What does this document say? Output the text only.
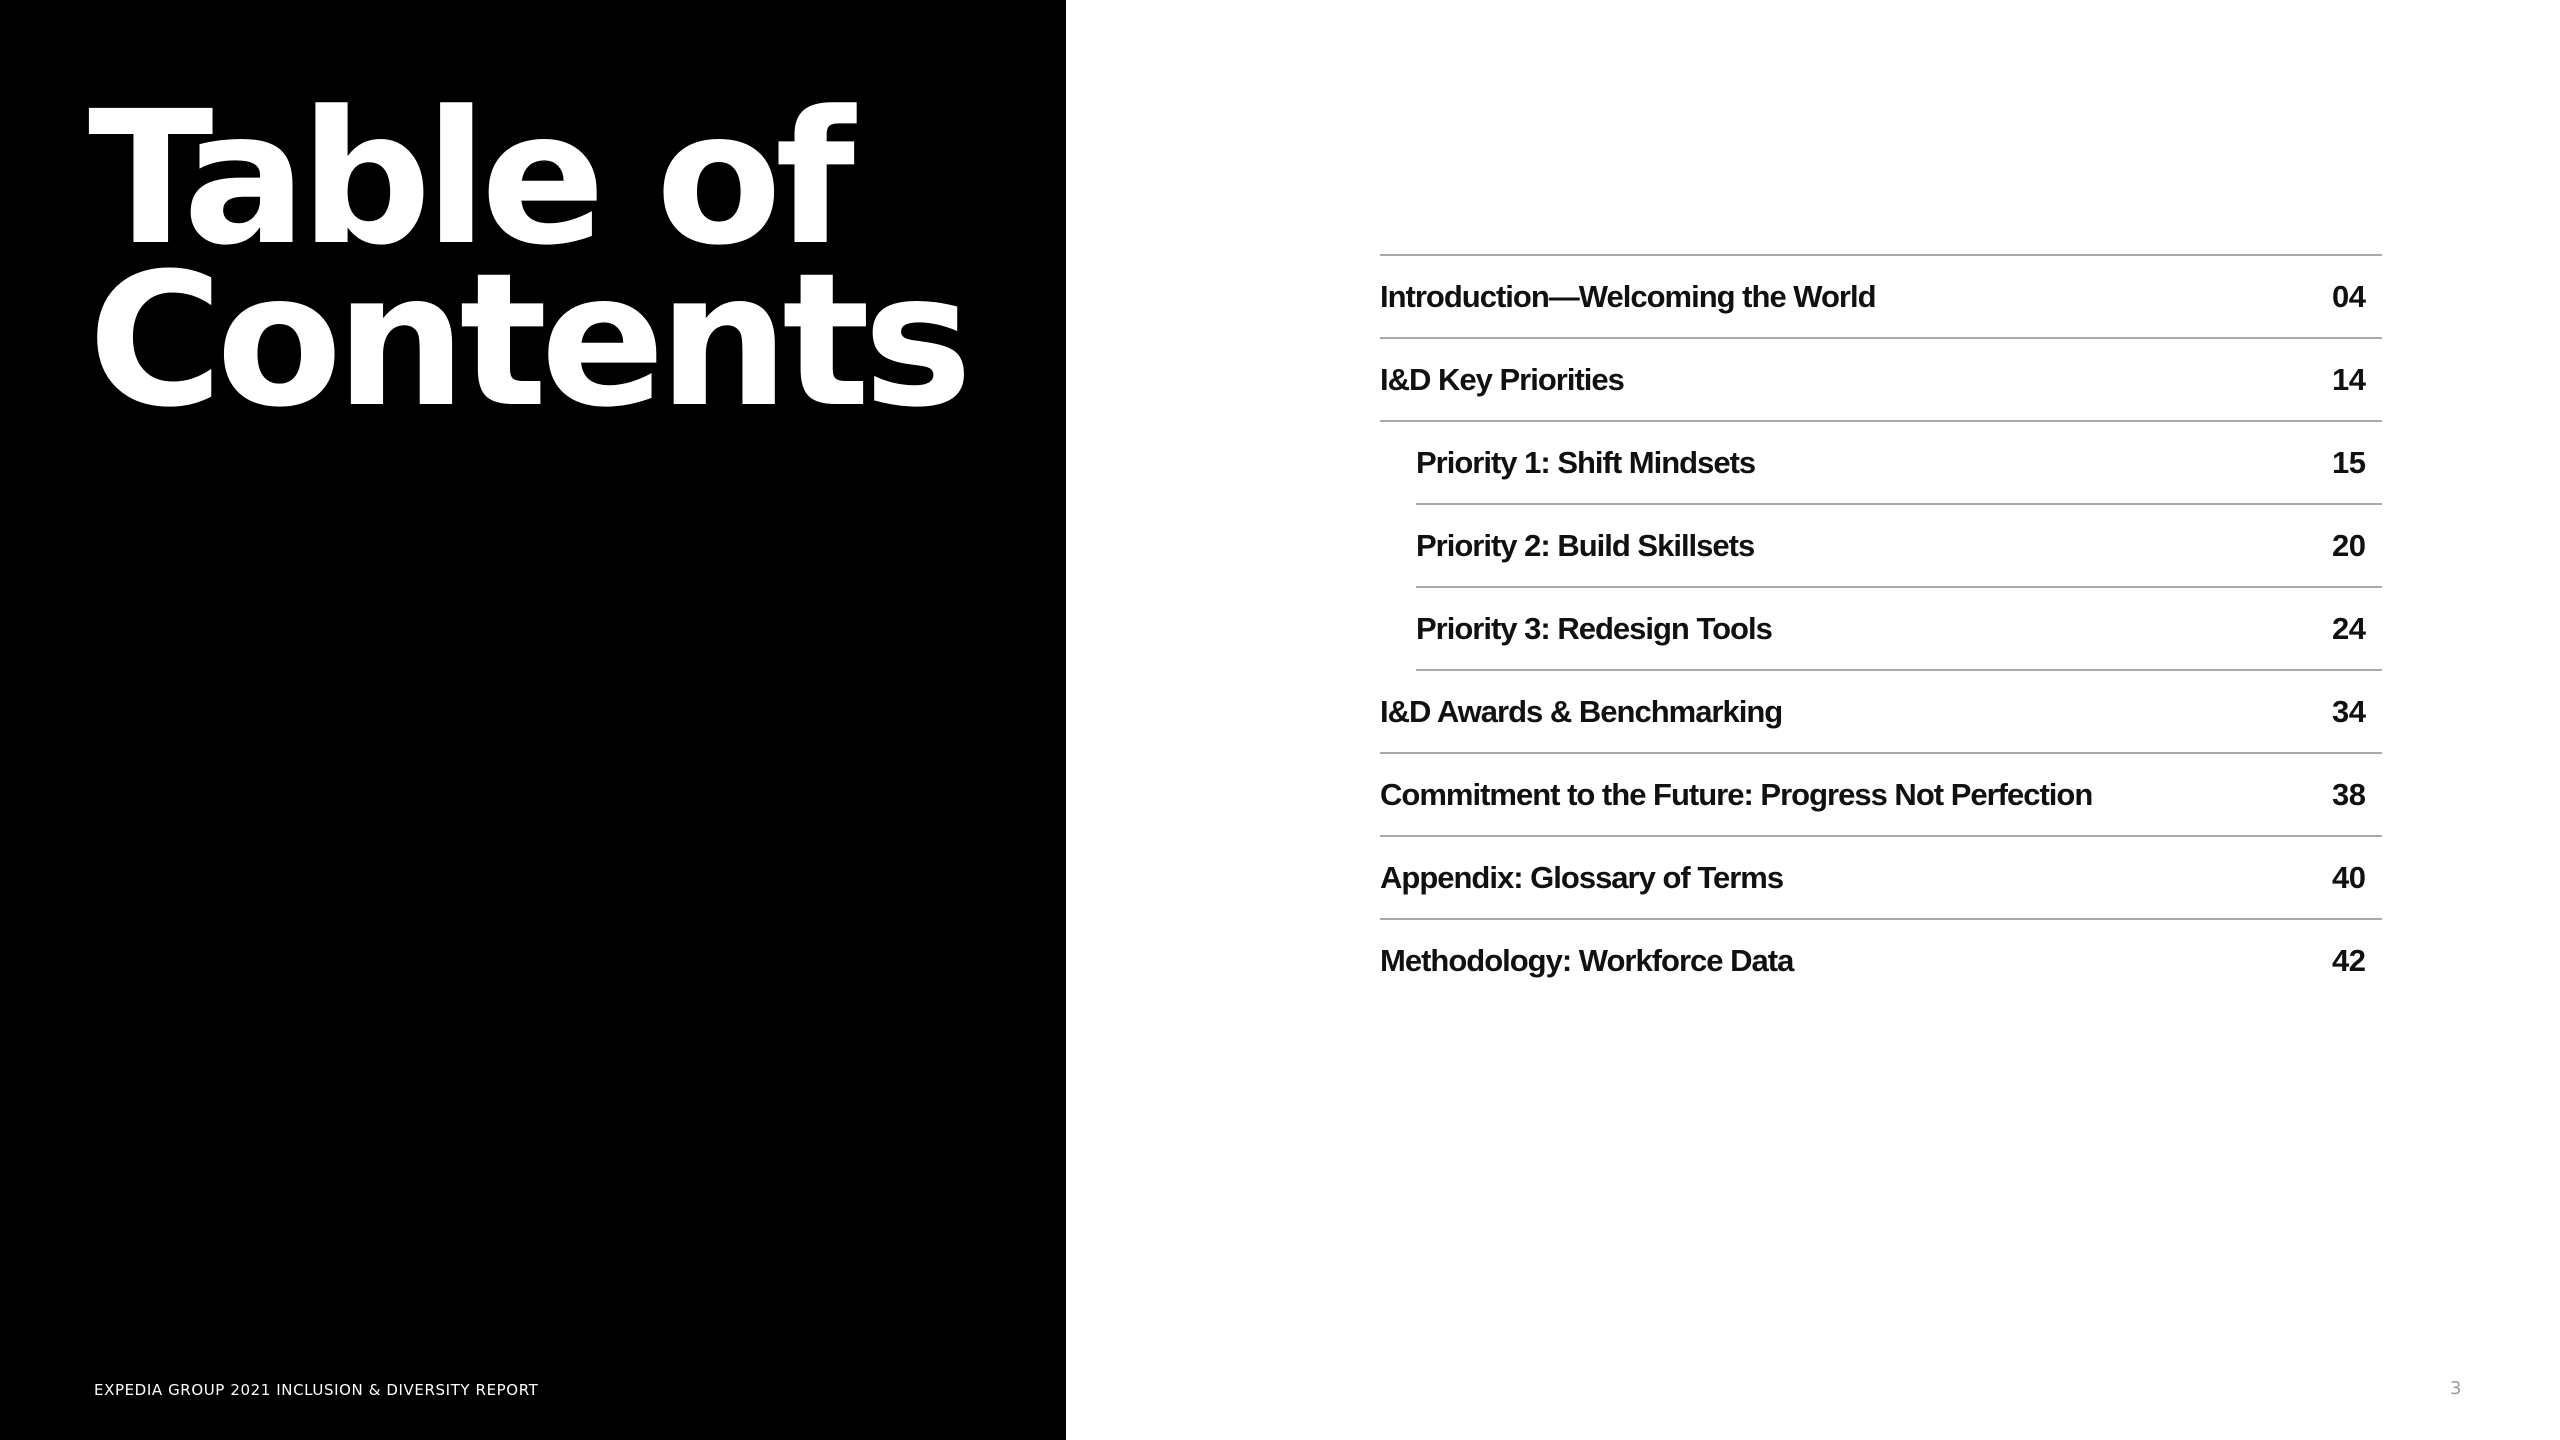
Table of
Contents
EXPEDIA GROUP 2021 INCLUSION & DIVERSITY REPORT
Introduction—Welcoming the World	04
I&D Key Priorities	14
Priority 1: Shift Mindsets	15
Priority 2: Build Skillsets	20
Priority 3: Redesign Tools	24
I&D Awards & Benchmarking	34
Commitment to the Future: Progress Not Perfection	38
Appendix: Glossary of Terms	40
Methodology: Workforce Data	42
3
